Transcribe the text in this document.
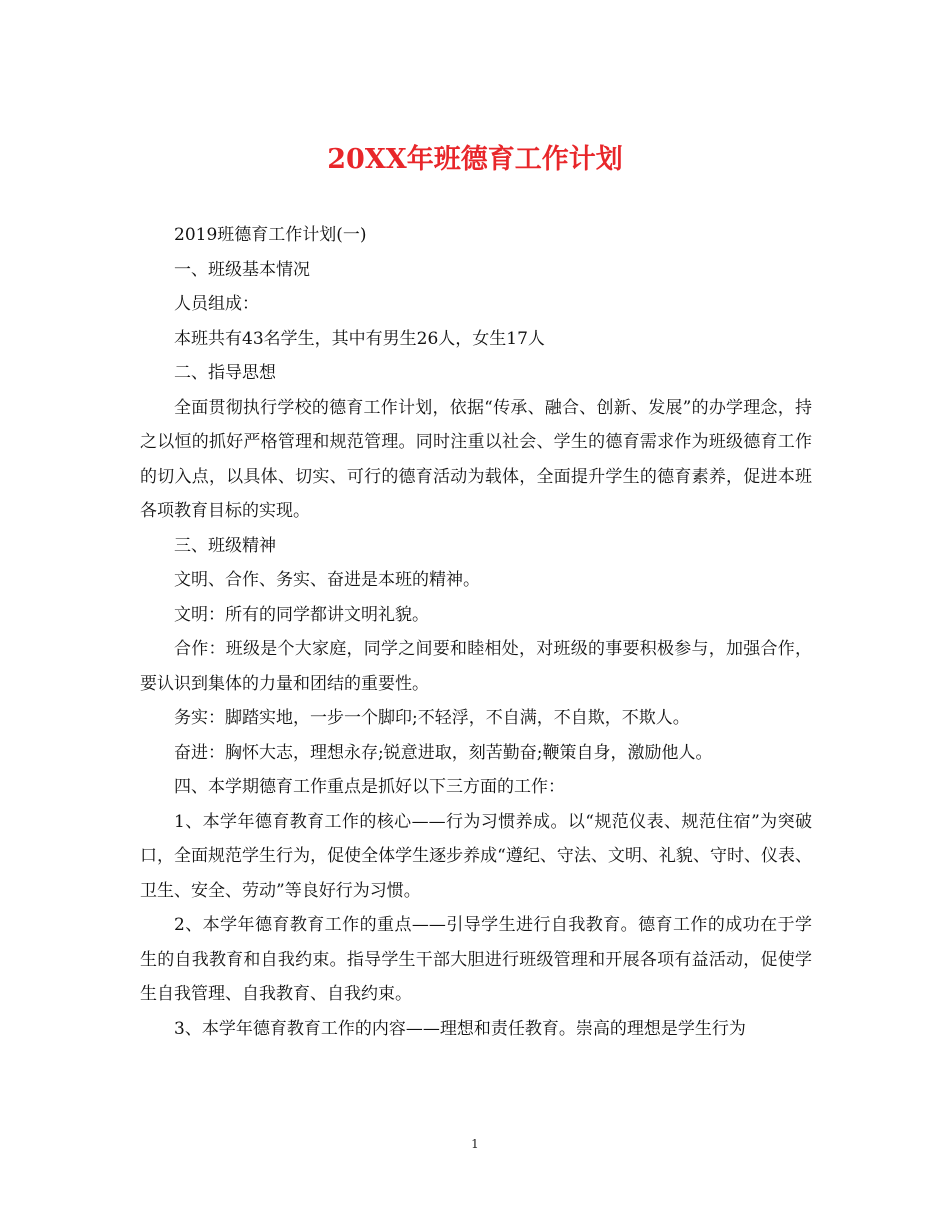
20XX年班德育工作计划

2019班德育工作计划(一)

一、班级基本情况

人员组成：

本班共有43名学生，其中有男生26人，女生17人

二、指导思想

全面贯彻执行学校的德育工作计划，依据“传承、融合、创新、发展”的办学理念，持之以恒的抓好严格管理和规范管理。同时注重以社会、学生的德育需求作为班级德育工作的切入点，以具体、切实、可行的德育活动为载体，全面提升学生的德育素养，促进本班各项教育目标的实现。

三、班级精神

文明、合作、务实、奋进是本班的精神。

文明：所有的同学都讲文明礼貌。

合作：班级是个大家庭，同学之间要和睦相处，对班级的事要积极参与，加强合作，要认识到集体的力量和团结的重要性。

务实：脚踏实地，一步一个脚印;不轻浮，不自满，不自欺，不欺人。

奋进：胸怀大志，理想永存;锐意进取，刻苦勤奋;鞭策自身，激励他人。

四、本学期德育工作重点是抓好以下三方面的工作：

1、本学年德育教育工作的核心——行为习惯养成。以“规范仪表、规范住宿”为突破口，全面规范学生行为，促使全体学生逐步养成“遵纪、守法、文明、礼貌、守时、仪表、卫生、安全、劳动”等良好行为习惯。

2、本学年德育教育工作的重点——引导学生进行自我教育。德育工作的成功在于学生的自我教育和自我约束。指导学生干部大胆进行班级管理和开展各项有益活动，促使学生自我管理、自我教育、自我约束。

3、本学年德育教育工作的内容——理想和责任教育。崇高的理想是学生行为

1
